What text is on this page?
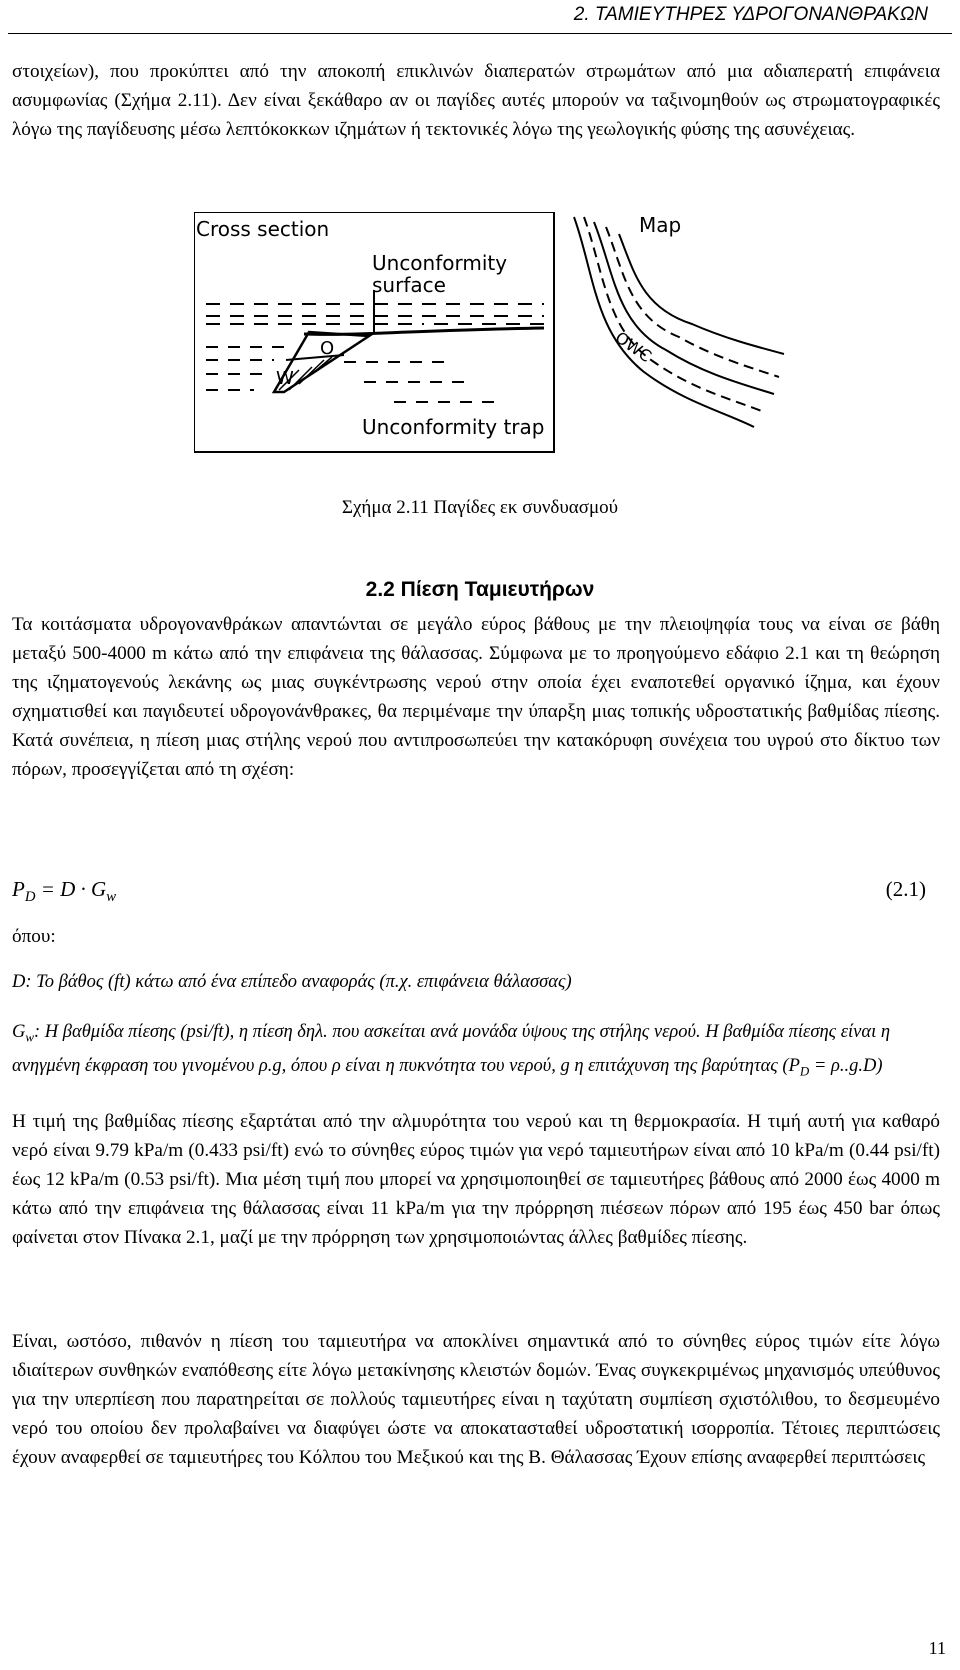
2. ΤΑΜΙΕΥΤΗΡΕΣ ΥΔΡΟΓΟΝΑΝΘΡΑΚΩΝ

στοιχείων), που προκύπτει από την αποκοπή επικλινών διαπερατών στρωμάτων από μια αδιαπερατή επιφάνεια ασυμφωνίας (Σχήμα 2.11). Δεν είναι ξεκάθαρο αν οι παγίδες αυτές μπορούν να ταξινομηθούν ως στρωματογραφικές λόγω της παγίδευσης μέσω λεπτόκοκκων ιζημάτων ή τεκτονικές λόγω της γεωλογικής φύσης της ασυνέχειας.

Cross section
Unconformity
surface
O
W
Unconformity trap
Map
OWC
Σχήμα 2.11 Παγίδες εκ συνδυασμού
2.2 Πίεση Ταμιευτήρων

Τα κοιτάσματα υδρογονανθράκων απαντώνται σε μεγάλο εύρος βάθους με την πλειοψηφία τους να είναι σε βάθη μεταξύ 500-4000 m κάτω από την επιφάνεια της θάλασσας. Σύμφωνα με το προηγούμενο εδάφιο 2.1 και τη θεώρηση της ιζηματογενούς λεκάνης ως μιας συγκέντρωσης νερού στην οποία έχει εναποτεθεί οργανικό ίζημα, και έχουν σχηματισθεί και παγιδευτεί υδρογονάνθρακες, θα περιμέναμε την ύπαρξη μιας τοπικής υδροστατικής βαθμίδας πίεσης. Κατά συνέπεια, η πίεση μιας στήλης νερού που αντιπροσωπεύει την κατακόρυφη συνέχεια του υγρού στο δίκτυο των πόρων, προσεγγίζεται από τη σχέση:

$P_D = D \cdot G_w$	(2.1)
όπου:

D: Το βάθος (ft) κάτω από ένα επίπεδο αναφοράς (π.χ. επιφάνεια θάλασσας)

$G_w$: Η βαθμίδα πίεσης (psi/ft), η πίεση δηλ. που ασκείται ανά μονάδα ύψους της στήλης νερού. Η βαθμίδα πίεσης είναι η ανηγμένη έκφραση του γινομένου ρ.g, όπου ρ είναι η πυκνότητα του νερού, g η επιτάχυνση της βαρύτητας $(P_D = \rho..g.D)$

Η τιμή της βαθμίδας πίεσης εξαρτάται από την αλμυρότητα του νερού και τη θερμοκρασία. Η τιμή αυτή για καθαρό νερό είναι 9.79 kPa/m (0.433 psi/ft) ενώ το σύνηθες εύρος τιμών για νερό ταμιευτήρων είναι από 10 kPa/m (0.44 psi/ft) έως 12 kPa/m (0.53 psi/ft). Μια μέση τιμή που μπορεί να χρησιμοποιηθεί σε ταμιευτήρες βάθους από 2000 έως 4000 m κάτω από την επιφάνεια της θάλασσας είναι 11 kPa/m για την πρόρρηση πιέσεων πόρων από 195 έως 450 bar όπως φαίνεται στον Πίνακα 2.1, μαζί με την πρόρρηση των χρησιμοποιώντας άλλες βαθμίδες πίεσης.

Είναι, ωστόσο, πιθανόν η πίεση του ταμιευτήρα να αποκλίνει σημαντικά από το σύνηθες εύρος τιμών είτε λόγω ιδιαίτερων συνθηκών εναπόθεσης είτε λόγω μετακίνησης κλειστών δομών. Ένας συγκεκριμένως μηχανισμός υπεύθυνος για την υπερπίεση που παρατηρείται σε πολλούς ταμιευτήρες είναι η ταχύτατη συμπίεση σχιστόλιθου, το δεσμευμένο νερό του οποίου δεν προλαβαίνει να διαφύγει ώστε να αποκατασταθεί υδροστατική ισορροπία. Τέτοιες περιπτώσεις έχουν αναφερθεί σε ταμιευτήρες του Κόλπου του Μεξικού και της Β. Θάλασσας Έχουν επίσης αναφερθεί περιπτώσεις

11
